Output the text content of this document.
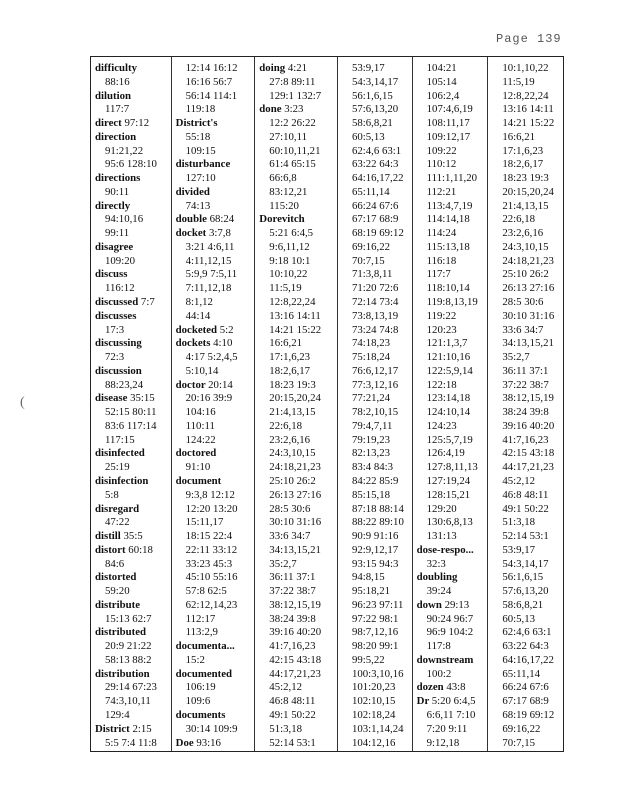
Page 139
(
difficulty
88:16
dilution
117:7
direct 97:12
direction
91:21,22
95:6 128:10
directions
90:11
directly
94:10,16
99:11
disagree
109:20
discuss
116:12
discussed 7:7
discusses
17:3
discussing
72:3
discussion
88:23,24
disease 35:15
52:15 80:11
83:6 117:14
117:15
disinfected
25:19
disinfection
5:8
disregard
47:22
distill 35:5
distort 60:18
84:6
distorted
59:20
distribute
15:13 62:7
distributed
20:9 21:22
58:13 88:2
distribution
29:14 67:23
74:3,10,11
129:4
District 2:15
5:5 7:4 11:8
12:14 16:12
16:16 56:7
56:14 114:1
119:18
District's
55:18
109:15
disturbance
127:10
divided
74:13
double 68:24
docket 3:7,8
3:21 4:6,11
4:11,12,15
5:9,9 7:5,11
7:11,12,18
8:1,12
44:14
docketed 5:2
dockets 4:10
4:17 5:2,4,5
5:10,14
doctor 20:14
20:16 39:9
104:16
110:11
124:22
doctored
91:10
document
9:3,8 12:12
12:20 13:20
15:11,17
18:15 22:4
22:11 33:12
33:23 45:3
45:10 55:16
57:8 62:5
62:12,14,23
112:17
113:2,9
documenta...
15:2
documented
106:19
109:6
documents
30:14 109:9
Doe 93:16
doing 4:21
27:8 89:11
129:1 132:7
done 3:23
12:2 26:22
27:10,11
60:10,11,21
61:4 65:15
66:6,8
83:12,21
115:20
Dorevitch
5:21 6:4,5
9:6,11,12
9:18 10:1
10:10,22
11:5,19
12:8,22,24
13:16 14:11
14:21 15:22
16:6,21
17:1,6,23
18:2,6,17
18:23 19:3
20:15,20,24
21:4,13,15
22:6,18
23:2,6,16
24:3,10,15
24:18,21,23
25:10 26:2
26:13 27:16
28:5 30:6
30:10 31:16
33:6 34:7
34:13,15,21
35:2,7
36:11 37:1
37:22 38:7
38:12,15,19
38:24 39:8
39:16 40:20
41:7,16,23
42:15 43:18
44:17,21,23
45:2,12
46:8 48:11
49:1 50:22
51:3,18
52:14 53:1
53:9,17
54:3,14,17
56:1,6,15
57:6,13,20
58:6,8,21
60:5,13
62:4,6 63:1
63:22 64:3
64:16,17,22
65:11,14
66:24 67:6
67:17 68:9
68:19 69:12
69:16,22
70:7,15
71:3,8,11
71:20 72:6
72:14 73:4
73:8,13,19
73:24 74:8
74:18,23
75:18,24
76:6,12,17
77:3,12,16
77:21,24
78:2,10,15
79:4,7,11
79:19,23
82:13,23
83:4 84:3
84:22 85:9
85:15,18
87:18 88:14
88:22 89:10
90:9 91:16
92:9,12,17
93:15 94:3
94:8,15
95:18,21
96:23 97:11
97:22 98:1
98:7,12,16
98:20 99:1
99:5,22
100:3,10,16
101:20,23
102:10,15
102:18,24
103:1,14,24
104:12,16
104:21
105:14
106:2,4
107:4,6,19
108:11,17
109:12,17
109:22
110:12
111:1,11,20
112:21
113:4,7,19
114:14,18
114:24
115:13,18
116:18
117:7
118:10,14
119:8,13,19
119:22
120:23
121:1,3,7
121:10,16
122:5,9,14
122:18
123:14,18
124:10,14
124:23
125:5,7,19
126:4,19
127:8,11,13
127:19,24
128:15,21
129:20
130:6,8,13
131:13
dose-respo...
32:3
doubling
39:24
down 29:13
90:24 96:7
96:9 104:2
117:8
downstream
100:2
dozen 43:8
Dr 5:20 6:4,5
6:6,11 7:10
7:20 9:11
9:12,18
10:1,10,22
11:5,19
12:8,22,24
13:16 14:11
14:21 15:22
16:6,21
17:1,6,23
18:2,6,17
18:23 19:3
20:15,20,24
21:4,13,15
22:6,18
23:2,6,16
24:3,10,15
24:18,21,23
25:10 26:2
26:13 27:16
28:5 30:6
30:10 31:16
33:6 34:7
34:13,15,21
35:2,7
36:11 37:1
37:22 38:7
38:12,15,19
38:24 39:8
39:16 40:20
41:7,16,23
42:15 43:18
44:17,21,23
45:2,12
46:8 48:11
49:1 50:22
51:3,18
52:14 53:1
53:9,17
54:3,14,17
56:1,6,15
57:6,13,20
58:6,8,21
60:5,13
62:4,6 63:1
63:22 64:3
64:16,17,22
65:11,14
66:24 67:6
67:17 68:9
68:19 69:12
69:16,22
70:7,15
